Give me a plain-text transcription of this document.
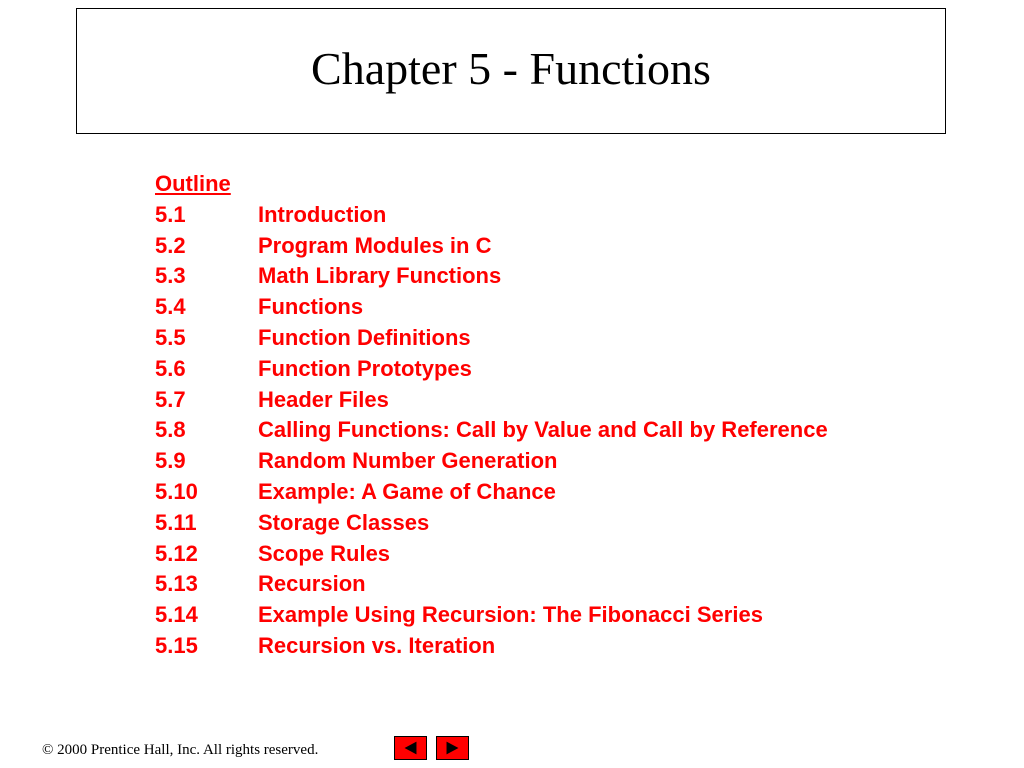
Chapter 5 - Functions
Outline
5.1	Introduction
5.2	Program Modules in C
5.3	Math Library Functions
5.4	Functions
5.5	Function Definitions
5.6	Function Prototypes
5.7	Header Files
5.8	Calling Functions: Call by Value and Call by Reference
5.9	Random Number Generation
5.10	Example: A Game of Chance
5.11	Storage Classes
5.12	Scope Rules
5.13	Recursion
5.14	Example Using Recursion: The Fibonacci Series
5.15	Recursion vs. Iteration
© 2000 Prentice Hall, Inc. All rights reserved.
